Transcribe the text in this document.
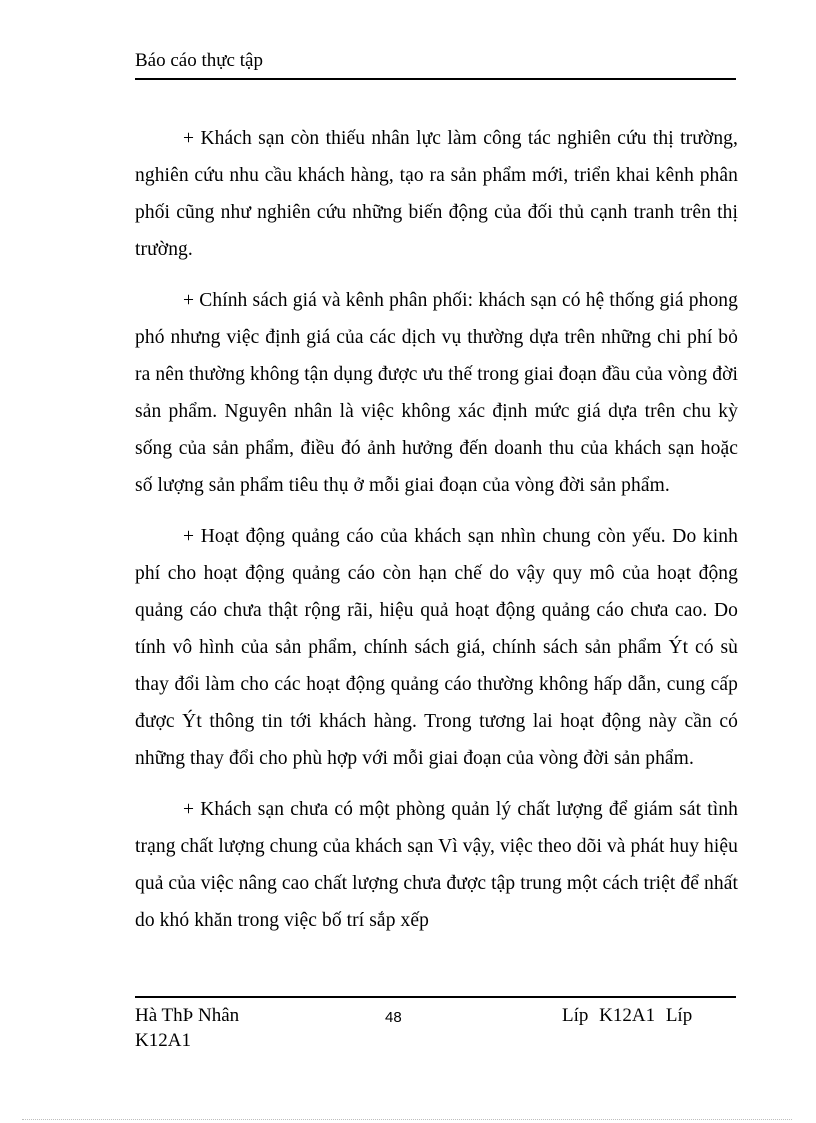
Báo cáo thực tập

+ Khách sạn còn thiếu nhân lực làm công tác nghiên cứu thị trường, nghiên cứu nhu cầu khách hàng, tạo ra sản phẩm mới, triển khai kênh phân phối cũng như nghiên cứu những biến động của đối thủ cạnh tranh trên thị trường.

+ Chính sách giá và kênh phân phối: khách sạn có hệ thống giá phong phó nhưng việc định giá của các dịch vụ thường dựa trên những chi phí bỏ ra nên thường không tận dụng được ưu thế trong giai đoạn đầu của vòng đời sản phẩm. Nguyên nhân là việc không xác định mức giá dựa trên chu kỳ sống của sản phẩm, điều đó ảnh hưởng đến doanh thu của khách sạn hoặc số lượng sản phẩm tiêu thụ ở mỗi giai đoạn của vòng đời sản phẩm.

+ Hoạt động quảng cáo của khách sạn nhìn chung còn yếu. Do kinh phí cho hoạt động quảng cáo còn hạn chế do vậy quy mô của hoạt động quảng cáo chưa thật rộng rãi, hiệu quả hoạt động quảng cáo chưa cao. Do tính vô hình của sản phẩm, chính sách giá, chính sách sản phẩm Ýt có sù thay đổi làm cho các hoạt động quảng cáo thường không hấp dẫn, cung cấp được Ýt thông tin tới khách hàng. Trong tương lai hoạt động này cần có những thay đổi cho phù hợp với mỗi giai đoạn của vòng đời sản phẩm.

+ Khách sạn chưa có một phòng quản lý chất lượng để giám sát tình trạng chất lượng chung của khách sạn Vì vậy, việc theo dõi và phát huy hiệu quả của việc nâng cao chất lượng chưa được tập trung một cách triệt để nhất do khó khăn trong việc bố trí sắp xếp

Hà ThÞ Nhân
K12A1
48	Líp K12A1 Líp
